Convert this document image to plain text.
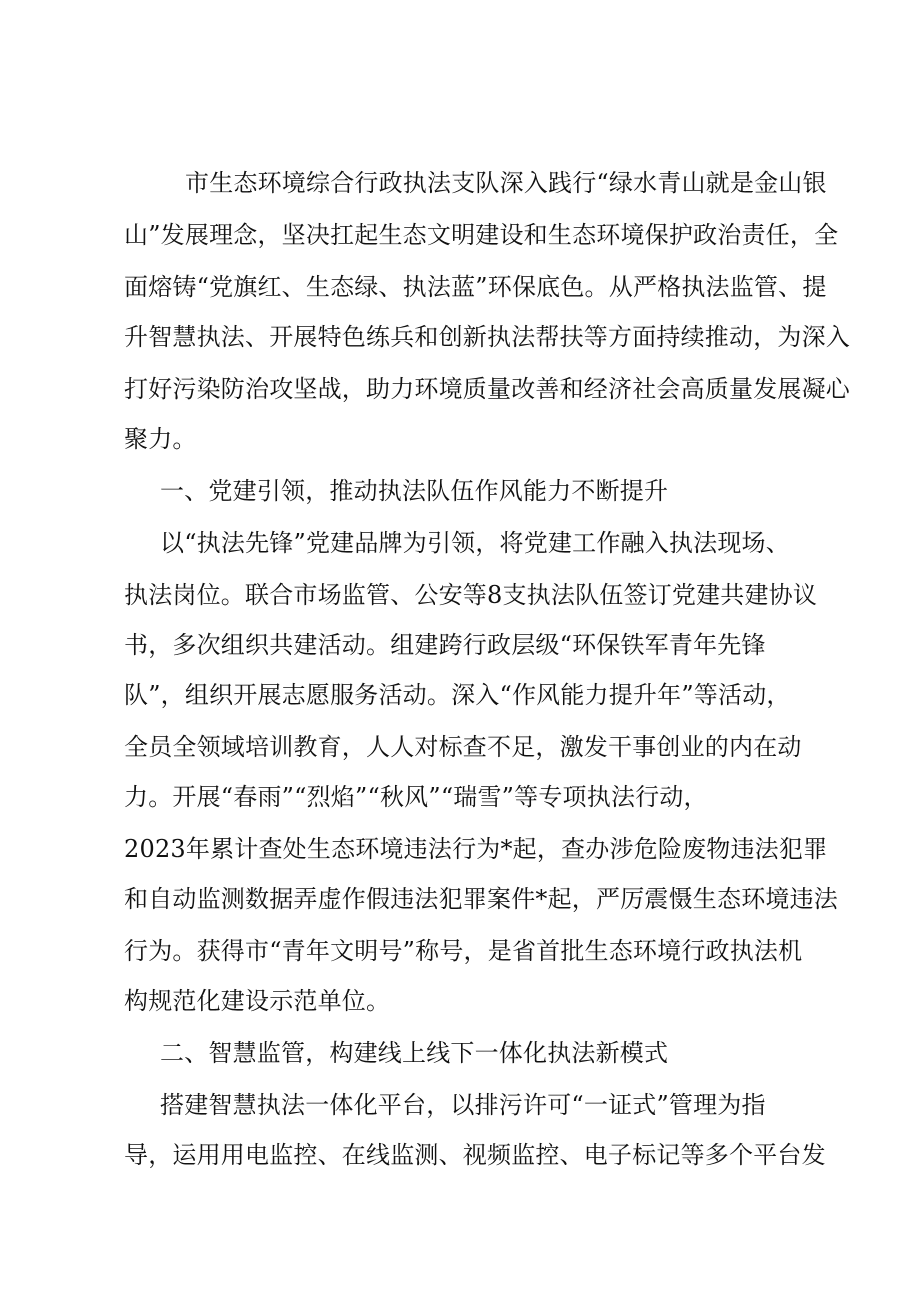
市生态环境综合行政执法支队深入践行“绿水青山就是金山银
山”发展理念，坚决扛起生态文明建设和生态环境保护政治责任，全
面熔铸“党旗红、生态绿、执法蓝”环保底色。从严格执法监管、提
升智慧执法、开展特色练兵和创新执法帮扶等方面持续推动，为深入
打好污染防治攻坚战，助力环境质量改善和经济社会高质量发展凝心
聚力。
一、党建引领，推动执法队伍作风能力不断提升
以“执法先锋”党建品牌为引领，将党建工作融入执法现场、
执法岗位。联合市场监管、公安等8支执法队伍签订党建共建协议
书，多次组织共建活动。组建跨行政层级“环保铁军青年先锋
队”，组织开展志愿服务活动。深入“作风能力提升年”等活动，
全员全领域培训教育，人人对标查不足，激发干事创业的内在动
力。开展“春雨”“烈焰”“秋风”“瑞雪”等专项执法行动，
2023年累计查处生态环境违法行为*起，查办涉危险废物违法犯罪
和自动监测数据弄虚作假违法犯罪案件*起，严厉震慑生态环境违法
行为。获得市“青年文明号”称号，是省首批生态环境行政执法机
构规范化建设示范单位。
二、智慧监管，构建线上线下一体化执法新模式
搭建智慧执法一体化平台，以排污许可“一证式”管理为指
导，运用用电监控、在线监测、视频监控、电子标记等多个平台发
